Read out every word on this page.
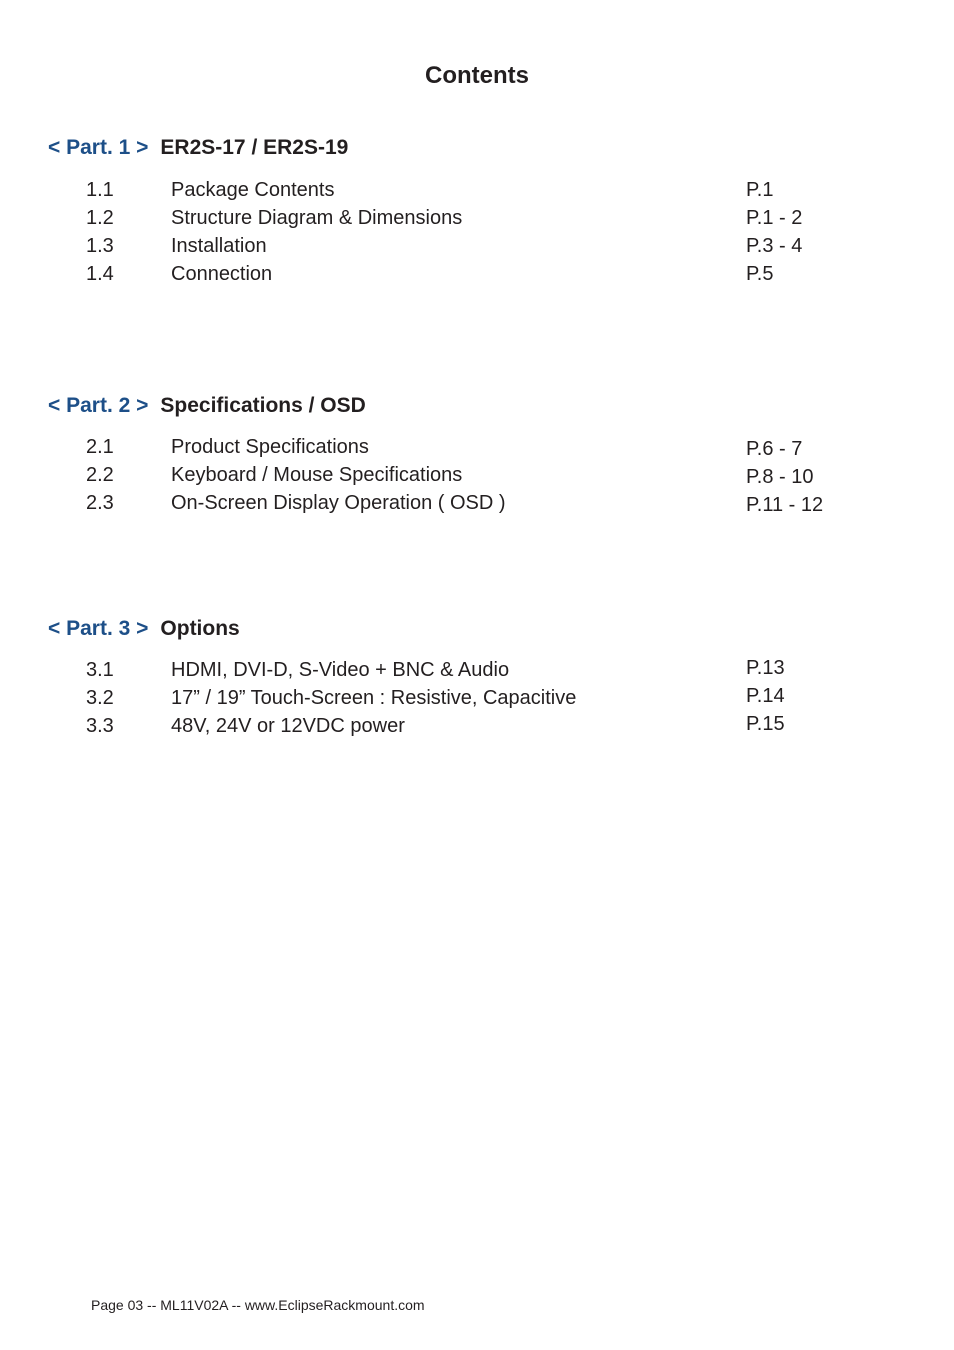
Contents
< Part. 1 > ER2S-17 / ER2S-19
1.1	Package Contents	P.1
1.2	Structure Diagram & Dimensions	P.1 - 2
1.3	Installation	P.3 - 4
1.4	Connection	P.5
< Part. 2 > Specifications / OSD
2.1	Product Specifications	P.6 - 7
2.2	Keyboard / Mouse Specifications	P.8 - 10
2.3	On-Screen Display Operation ( OSD )	P.11 - 12
< Part. 3 > Options
3.1	HDMI, DVI-D, S-Video + BNC & Audio	P.13
3.2	17” / 19” Touch-Screen : Resistive, Capacitive	P.14
3.3	48V, 24V or 12VDC power	P.15
Page 03 -- ML11V02A -- www.EclipseRackmount.com
